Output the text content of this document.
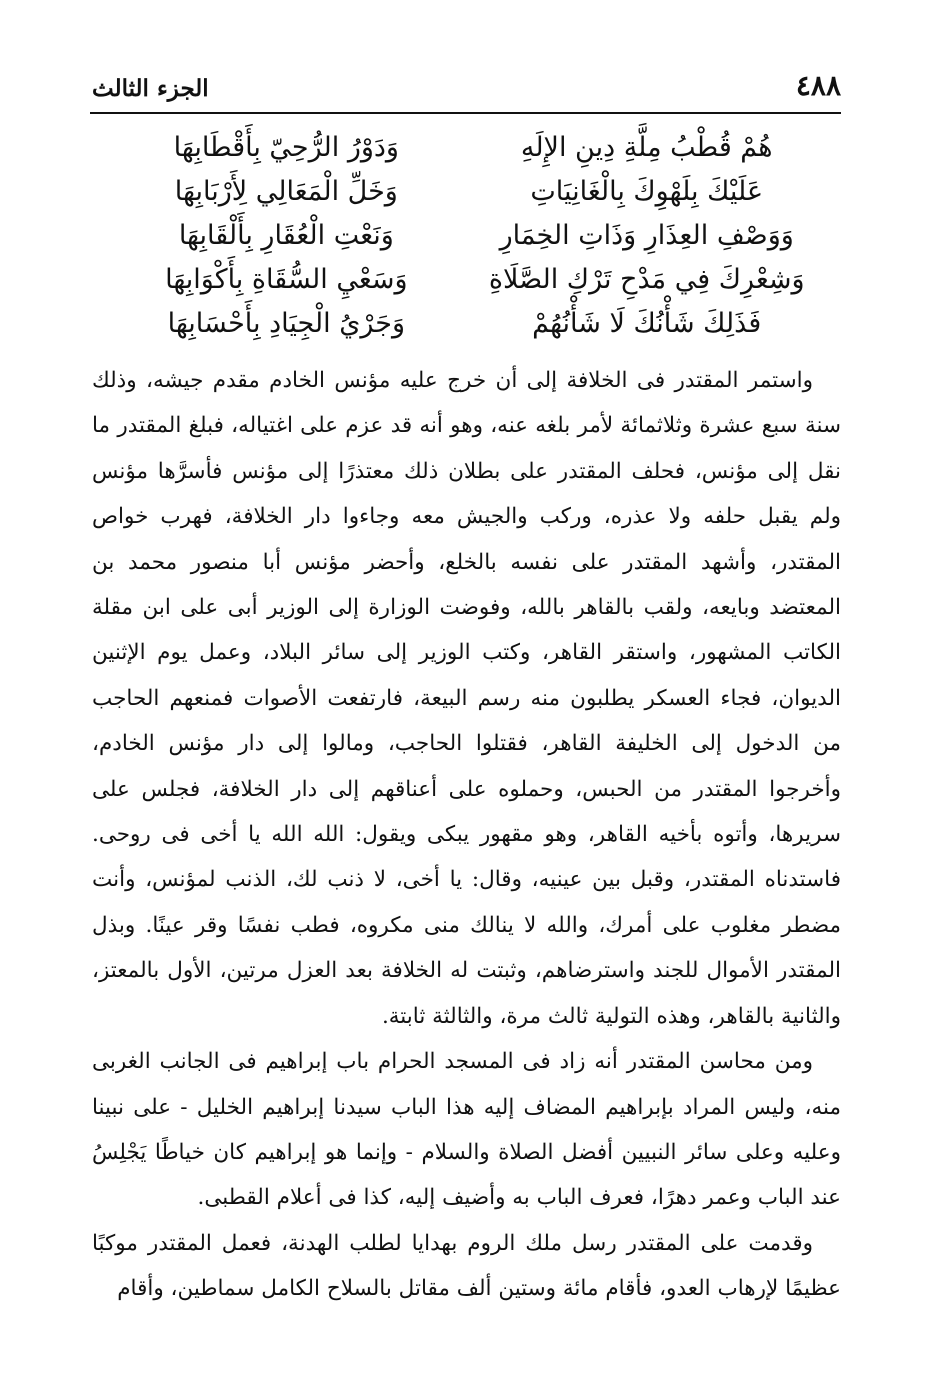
٤٨٨
الجزء الثالث
هُمْ قُطْبُ مِلَّةِ دِينِ الإِلَهِ
وَدَوْرُ الرُّحِيّ بِأَقْطَابِهَا
عَلَيْكَ بِلَهْوِكَ بِالْغَانِيَاتِ
وَخَلِّ الْمَعَالِي لِأَرْبَابِهَا
وَوَصْفِ العِذَارِ وَذَاتِ الخِمَارِ
وَنَعْتِ الْعُقَارِ بِأَلْقَابِهَا
وَشِعْرِكَ فِي مَدْحِ تَرْكِ الصَّلَاةِ
وَسَعْيِ السُّقَاةِ بِأَكْوَابِهَا
فَذَلِكَ شَأْنُكَ لَا شَأْنُهُمْ
وَجَرْيُ الْجِيَادِ بِأَحْسَابِهَا

واستمر المقتدر فى الخلافة إلى أن خرج عليه مؤنس الخادم مقدم جيشه، وذلك سنة سبع عشرة وثلاثمائة لأمر بلغه عنه، وهو أنه قد عزم على اغتياله، فبلغ المقتدر ما نقل إلى مؤنس، فحلف المقتدر على بطلان ذلك معتذرًا إلى مؤنس فأسرَّها مؤنس ولم يقبل حلفه ولا عذره، وركب والجيش معه وجاءوا دار الخلافة، فهرب خواص المقتدر، وأشهد المقتدر على نفسه بالخلع، وأحضر مؤنس أبا منصور محمد بن المعتضد وبايعه، ولقب بالقاهر بالله، وفوضت الوزارة إلى الوزير أبى على ابن مقلة الكاتب المشهور، واستقر القاهر، وكتب الوزير إلى سائر البلاد، وعمل يوم الإثنين الديوان، فجاء العسكر يطلبون منه رسم البيعة، فارتفعت الأصوات فمنعهم الحاجب من الدخول إلى الخليفة القاهر، فقتلوا الحاجب، ومالوا إلى دار مؤنس الخادم، وأخرجوا المقتدر من الحبس، وحملوه على أعناقهم إلى دار الخلافة، فجلس على سريرها، وأتوه بأخيه القاهر، وهو مقهور يبكى ويقول: الله الله يا أخى فى روحى. فاستدناه المقتدر، وقبل بين عينيه، وقال: يا أخى، لا ذنب لك، الذنب لمؤنس، وأنت مضطر مغلوب على أمرك، والله لا ينالك منى مكروه، فطب نفسًا وقر عينًا. وبذل المقتدر الأموال للجند واسترضاهم، وثبتت له الخلافة بعد العزل مرتين، الأول بالمعتز، والثانية بالقاهر، وهذه التولية ثالث مرة، والثالثة ثابتة.

ومن محاسن المقتدر أنه زاد فى المسجد الحرام باب إبراهيم فى الجانب الغربى منه، وليس المراد بإبراهيم المضاف إليه هذا الباب سيدنا إبراهيم الخليل - على نبينا وعليه وعلى سائر النبيين أفضل الصلاة والسلام - وإنما هو إبراهيم كان خياطًا يَجْلِسُ عند الباب وعمر دهرًا، فعرف الباب به وأضيف إليه، كذا فى أعلام القطبى.

وقدمت على المقتدر رسل ملك الروم بهدايا لطلب الهدنة، فعمل المقتدر موكبًا عظيمًا لإرهاب العدو، فأقام مائة وستين ألف مقاتل بالسلاح الكامل سماطين، وأقام
